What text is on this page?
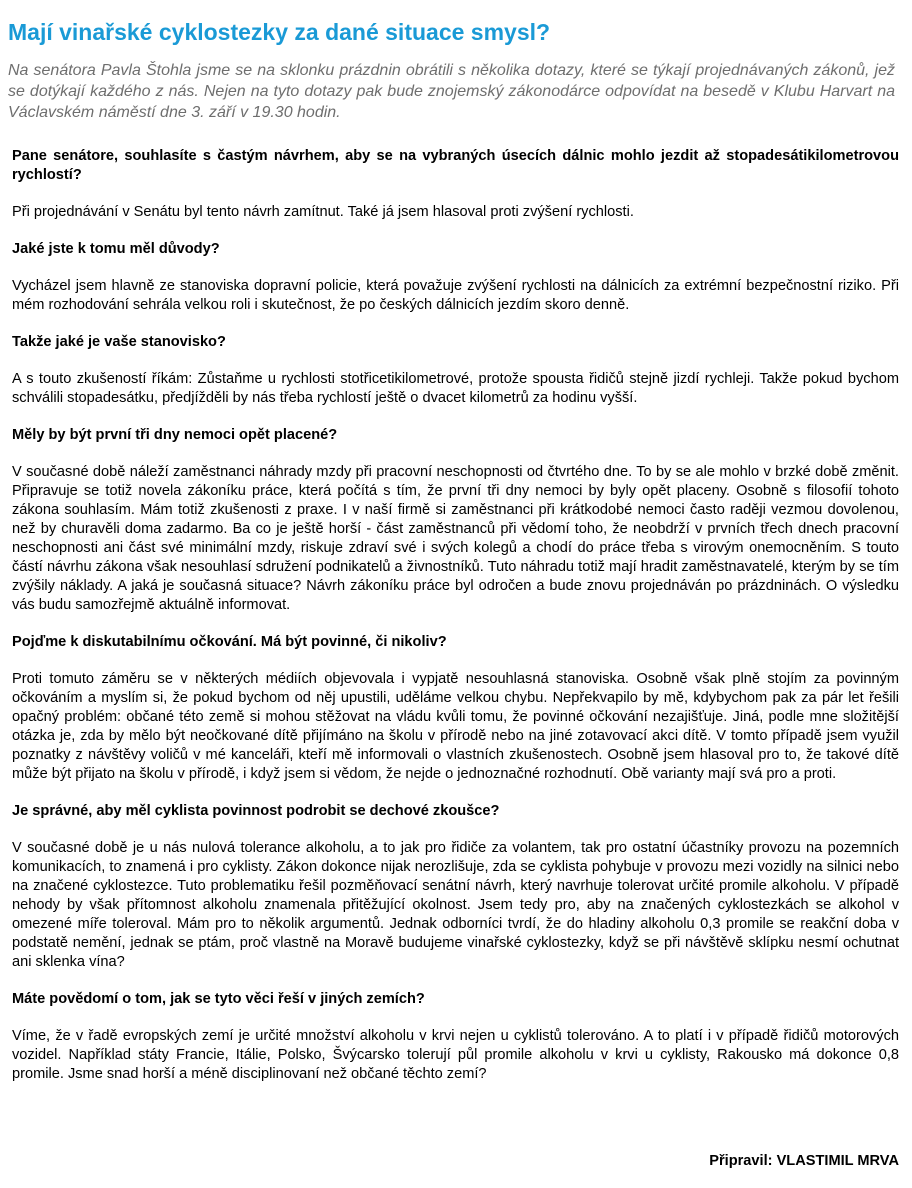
Mají vinařské cyklostezky za dané situace smysl?

Na senátora Pavla Štohla jsme se na sklonku prázdnin obrátili s několika dotazy, které se týkají projednávaných zákonů, jež se dotýkají každého z nás. Nejen na tyto dotazy pak bude znojemský zákonodárce odpovídat na besedě v Klubu Harvart na Václavském náměstí dne 3. září v 19.30 hodin.

Pane senátore, souhlasíte s častým návrhem, aby se na vybraných úsecích dálnic mohlo jezdit až stopadesátikilometrovou rychlostí?

Při projednávání v Senátu byl tento návrh zamítnut. Také já jsem hlasoval proti zvýšení rychlosti.

Jaké jste k tomu měl důvody?

Vycházel jsem hlavně ze stanoviska dopravní policie, která považuje zvýšení rychlosti na dálnicích za extrémní bezpečnostní riziko. Při mém rozhodování sehrála velkou roli i skutečnost, že po českých dálnicích jezdím skoro denně.

Takže jaké je vaše stanovisko?

A s touto zkušeností říkám: Zůstaňme u rychlosti stotřicetikilometrové, protože spousta řidičů stejně jizdí rychleji. Takže pokud bychom schválili stopadesátku, předjížděli by nás třeba rychlostí ještě o dvacet kilometrů za hodinu vyšší.

Měly by být první tři dny nemoci opět placené?

V současné době náleží zaměstnanci náhrady mzdy při pracovní neschopnosti od čtvrtého dne. To by se ale mohlo v brzké době změnit. Připravuje se totiž novela zákoníku práce, která počítá s tím, že první tři dny nemoci by byly opět placeny. Osobně s filosofií tohoto zákona souhlasím. Mám totiž zkušenosti z praxe. I v naší firmě si zaměstnanci při krátkodobé nemoci často raději vezmou dovolenou, než by churavěli doma zadarmo. Ba co je ještě horší - část zaměstnanců při vědomí toho, že neobdrží v prvních třech dnech pracovní neschopnosti ani část své minimální mzdy, riskuje zdraví své i svých kolegů a chodí do práce třeba s virovým onemocněním. S touto částí návrhu zákona však nesouhlasí sdružení podnikatelů a živnostníků. Tuto náhradu totiž mají hradit zaměstnavatelé, kterým by se tím zvýšily náklady. A jaká je současná situace? Návrh zákoníku práce byl odročen a bude znovu projednáván po prázdninách. O výsledku vás budu samozřejmě aktuálně informovat.

Pojďme k diskutabilnímu očkování. Má být povinné, či nikoliv?

Proti tomuto záměru se v některých médiích objevovala i vypjatě nesouhlasná stanoviska. Osobně však plně stojím za povinným očkováním a myslím si, že pokud bychom od něj upustili, uděláme velkou chybu. Nepřekvapilo by mě, kdybychom pak za pár let řešili opačný problém: občané této země si mohou stěžovat na vládu kvůli tomu, že povinné očkování nezajišťuje. Jiná, podle mne složitější otázka je, zda by mělo být neočkované dítě přijímáno na školu v přírodě nebo na jiné zotavovací akci dítě. V tomto případě jsem využil poznatky z návštěvy voličů v mé kanceláři, kteří mě informovali o vlastních zkušenostech. Osobně jsem hlasoval pro to, že takové dítě může být přijato na školu v přírodě, i když jsem si vědom, že nejde o jednoznačné rozhodnutí. Obě varianty mají svá pro a proti.

Je správné, aby měl cyklista povinnost podrobit se dechové zkoušce?

V současné době je u nás nulová tolerance alkoholu, a to jak pro řidiče za volantem, tak pro ostatní účastníky provozu na pozemních komunikacích, to znamená i pro cyklisty. Zákon dokonce nijak nerozlišuje, zda se cyklista pohybuje v provozu mezi vozidly na silnici nebo na značené cyklostezce. Tuto problematiku řešil pozměňovací senátní návrh, který navrhuje tolerovat určité promile alkoholu. V případě nehody by však přítomnost alkoholu znamenala přitěžující okolnost. Jsem tedy pro, aby na značených cyklostezkách se alkohol v omezené míře toleroval. Mám pro to několik argumentů. Jednak odborníci tvrdí, že do hladiny alkoholu 0,3 promile se reakční doba v podstatě nemění, jednak se ptám, proč vlastně na Moravě budujeme vinařské cyklostezky, když se při návštěvě sklípku nesmí ochutnat ani sklenka vína?

Máte povědomí o tom, jak se tyto věci řeší v jiných zemích?

Víme, že v řadě evropských zemí je určité množství alkoholu v krvi nejen u cyklistů tolerováno. A to platí i v případě řidičů motorových vozidel. Například státy Francie, Itálie, Polsko, Švýcarsko tolerují půl promile alkoholu v krvi u cyklisty, Rakousko má dokonce 0,8 promile. Jsme snad horší a méně disciplinovaní než občané těchto zemí?

Připravil: VLASTIMIL MRVA
